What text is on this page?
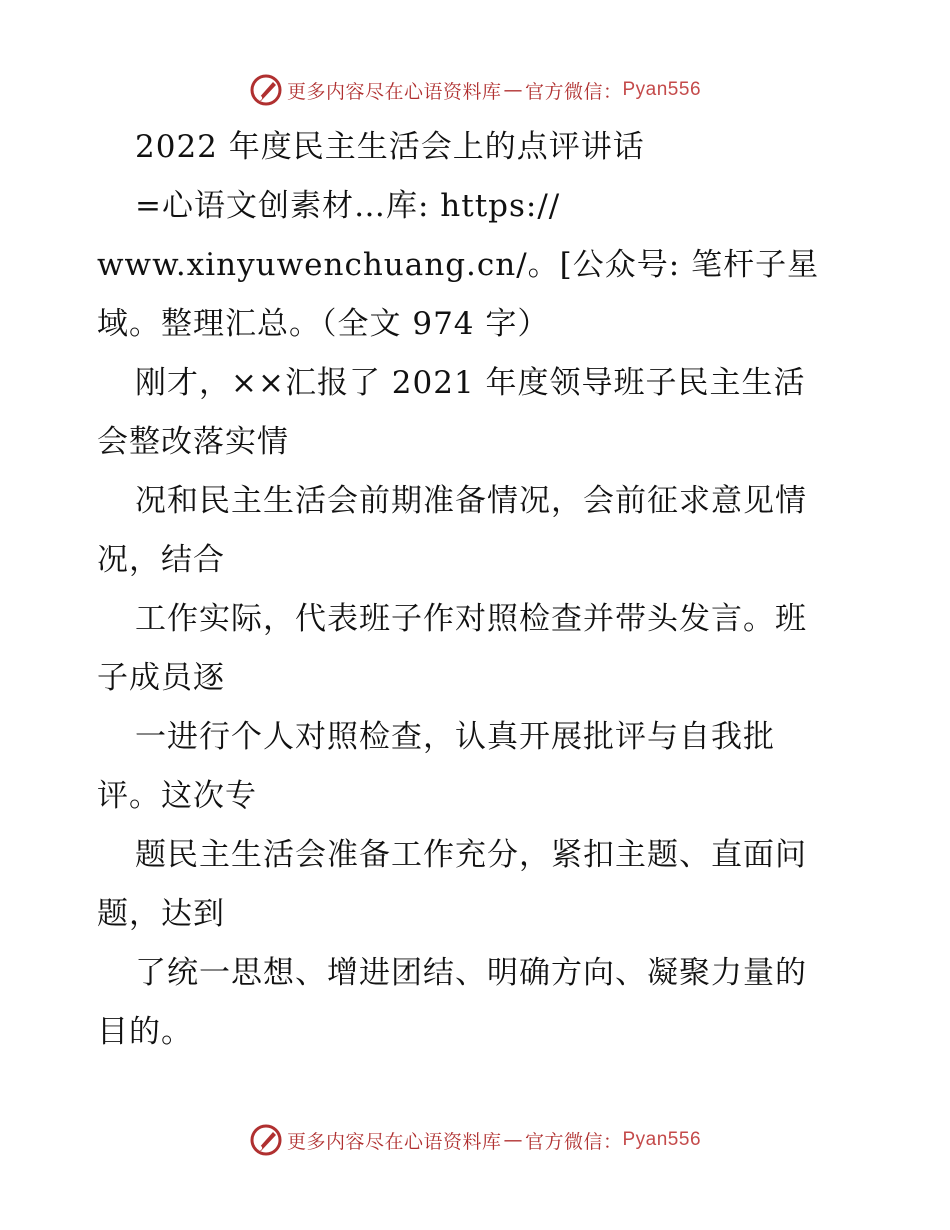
更多内容尽在心语资料库 — 官方微信： Pyan556
2022 年度民主生活会上的点评讲话
=心语文创素材…库: https://
www.xinyuwenchuang.cn/。[公众号: 笔杆子星
域。整理汇总。（全文 974 字）
刚才，××汇报了 2021 年度领导班子民主生活
会整改落实情
况和民主生活会前期准备情况，会前征求意见情
况，结合
工作实际，代表班子作对照检查并带头发言。班
子成员逐
一进行个人对照检查，认真开展批评与自我批
评。这次专
题民主生活会准备工作充分，紧扣主题、直面问
题，达到
了统一思想、增进团结、明确方向、凝聚力量的
目的。
更多内容尽在心语资料库 — 官方微信： Pyan556
